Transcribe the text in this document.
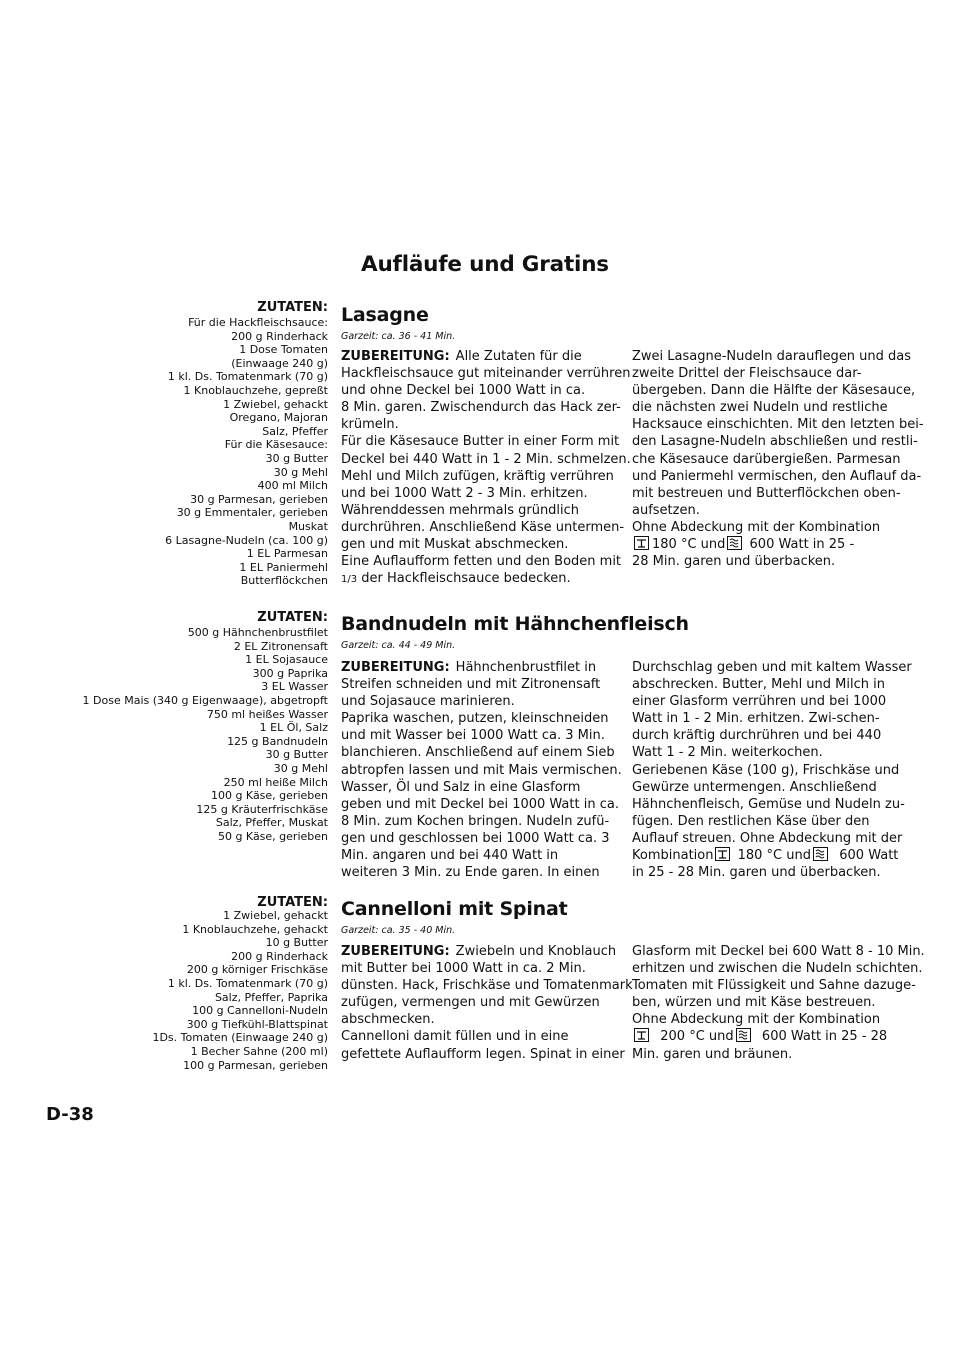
Aufläufe und Gratins
ZUTATEN:
Für die Hackfleischsauce:
200 g Rinderhack
1 Dose Tomaten
(Einwaage 240 g)
1 kl. Ds. Tomatenmark (70 g)
1 Knoblauchzehe, gepreßt
1 Zwiebel, gehackt
Oregano, Majoran
Salz, Pfeffer
Für die Käsesauce:
30 g Butter
30 g Mehl
400 ml Milch
30 g Parmesan, gerieben
30 g Emmentaler, gerieben
Muskat
6 Lasagne-Nudeln (ca. 100 g)
1 EL Parmesan
1 EL Paniermehl
Butterflöckchen
Lasagne
Garzeit: ca. 36 - 41 Min.

ZUBEREITUNG: Alle Zutaten für die

Hackfleischsauce gut miteinander verrühren

und ohne Deckel bei 1000 Watt in ca.

8 Min. garen. Zwischendurch das Hack zer-

krümeln.

Für die Käsesauce Butter in einer Form mit

Deckel bei 440 Watt in 1 - 2 Min. schmelzen.

Mehl und Milch zufügen, kräftig verrühren

und bei 1000 Watt 2 - 3 Min. erhitzen.

Währenddessen mehrmals gründlich

durchrühren. Anschließend Käse untermen-

gen und mit Muskat abschmecken.

Eine Auflaufform fetten und den Boden mit

1/3 der Hackfleischsauce bedecken.

Zwei Lasagne-Nudeln darauflegen und das

zweite Drittel der Fleischsauce dar-

übergeben. Dann die Hälfte der Käsesauce,

die nächsten zwei Nudeln und restliche

Hacksauce einschichten. Mit den letzten bei-

den Lasagne-Nudeln abschließen und restli-

che Käsesauce darübergießen. Parmesan

und Paniermehl vermischen, den Auflauf da-

mit bestreuen und Butterflöckchen oben-

aufsetzen.

Ohne Abdeckung mit der Kombination

180 °C und 600 Watt in 25 -

28 Min. garen und überbacken.

ZUTATEN:
500 g Hähnchenbrustfilet
2 EL Zitronensaft
1 EL Sojasauce
300 g Paprika
3 EL Wasser
1 Dose Mais (340 g Eigenwaage), abgetropft
750 ml heißes Wasser
1 EL Öl, Salz
125 g Bandnudeln
30 g Butter
30 g Mehl
250 ml heiße Milch
100 g Käse, gerieben
125 g Kräuterfrischkäse
Salz, Pfeffer, Muskat
50 g Käse, gerieben
Bandnudeln mit Hähnchenfleisch
Garzeit: ca. 44 - 49 Min.

ZUBEREITUNG: Hähnchenbrustfilet in

Streifen schneiden und mit Zitronensaft

und Sojasauce marinieren.

Paprika waschen, putzen, kleinschneiden

und mit Wasser bei 1000 Watt ca. 3 Min.

blanchieren. Anschließend auf einem Sieb

abtropfen lassen und mit Mais vermischen.

Wasser, Öl und Salz in eine Glasform

geben und mit Deckel bei 1000 Watt in ca.

8 Min. zum Kochen bringen. Nudeln zufü-

gen und geschlossen bei 1000 Watt ca. 3

Min. angaren und bei 440 Watt in

weiteren 3 Min. zu Ende garen. In einen

Durchschlag geben und mit kaltem Wasser

abschrecken. Butter, Mehl und Milch in

einer Glasform verrühren und bei 1000

Watt in 1 - 2 Min. erhitzen. Zwi-schen-

durch kräftig durchrühren und bei 440

Watt 1 - 2 Min. weiterkochen.

Geriebenen Käse (100 g), Frischkäse und

Gewürze untermengen. Anschließend

Hähnchenfleisch, Gemüse und Nudeln zu-

fügen. Den restlichen Käse über den

Auflauf streuen. Ohne Abdeckung mit der

Kombination 180 °C und 600 Watt

in 25 - 28 Min. garen und überbacken.

ZUTATEN:
1 Zwiebel, gehackt
1 Knoblauchzehe, gehackt
10 g Butter
200 g Rinderhack
200 g körniger Frischkäse
1 kl. Ds. Tomatenmark (70 g)
Salz, Pfeffer, Paprika
100 g Cannelloni-Nudeln
300 g Tiefkühl-Blattspinat
1Ds. Tomaten (Einwaage 240 g)
1 Becher Sahne (200 ml)
100 g Parmesan, gerieben
Cannelloni mit Spinat
Garzeit: ca. 35 - 40 Min.

ZUBEREITUNG: Zwiebeln und Knoblauch

mit Butter bei 1000 Watt in ca. 2 Min.

dünsten. Hack, Frischkäse und Tomatenmark

zufügen, vermengen und mit Gewürzen

abschmecken.

Cannelloni damit füllen und in eine

gefettete Auflaufform legen. Spinat in einer

Glasform mit Deckel bei 600 Watt 8 - 10 Min.

erhitzen und zwischen die Nudeln schichten.

Tomaten mit Flüssigkeit und Sahne dazuge-

ben, würzen und mit Käse bestreuen.

Ohne Abdeckung mit der Kombination

200 °C und 600 Watt in 25 - 28

Min. garen und bräunen.

D-38
